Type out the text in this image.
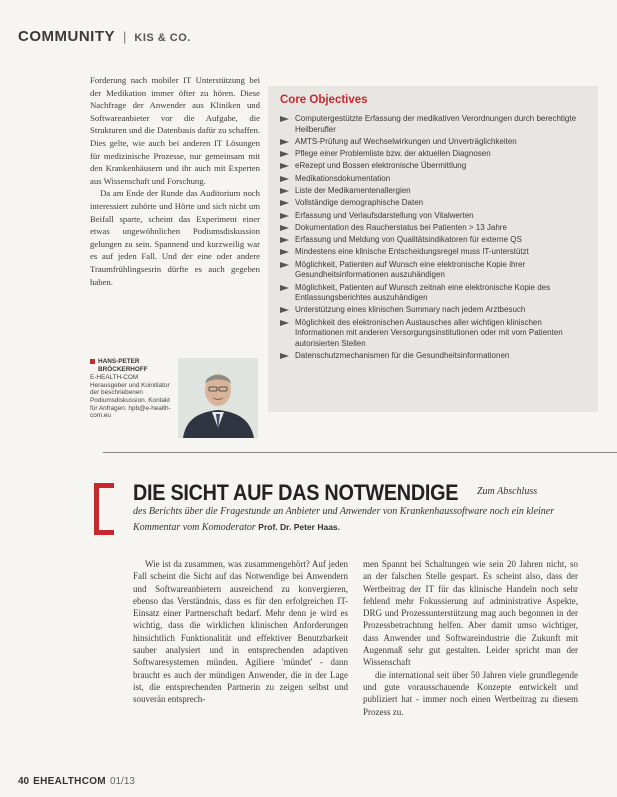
COMMUNITY | KIS & CO.

Forderung nach mobiler IT Unterstützung bei der Medikation immer öfter zu hören. Diese Nachfrage der Anwender aus Kliniken und Softwareanbieter vor die Aufgabe, die Strukturen und die Datenbasis dafür zu schaffen. Dies gelte, wie auch bei anderen IT Lösungen für medizinische Prozesse, nur gemeinsam mit den Krankenhäusern und ihr auch mit Experten aus Wissenschaft und Forschung.

Da am Ende der Runde das Auditorium noch interessiert zuhörte und Hörte und sich nicht um Beifall sparte, scheint das Experiment einer etwas ungewöhnlichen Podiumsdiskussion gelungen zu sein. Spannend und kurzweilig war es auf jeden Fall. Und der eine oder andere Traumfrühlingsesrin dürfte es auch gegeben haben.

HANS-PETER
BRÖCKERHOFF
E-HEALTH-COM Herausgeber und Koinitiator der beschriebenen Podiumsdiskussion. Kontakt für Anfragen: hpb@e-health-com.eu
Core Objectives
Computergestützte Erfassung der medikativen Verordnungen durch berechtigte Heilberufler
AMTS-Prüfung auf Wechselwirkungen und Unverträglichkeiten
Pflege einer Problemliste bzw. der aktuellen Diagnosen
eRezept und Bossen elektronische Übermittlung
Medikationsdokumentation
Liste der Medikamentenallergien
Vollständige demographische Daten
Erfassung und Verlaufsdarstellung von Vitalwerten
Dokumentation des Raucherstatus bei Patienten > 13 Jahre
Erfassung und Meldung von Qualitätsindikatoren für externe QS
Mindestens eine klinische Entscheidungsregel muss IT-unterstützt
Möglichkeit, Patienten auf Wunsch eine elektronische Kopie ihrer Gesundheitsinformationen auszuhändigen
Möglichkeit, Patienten auf Wunsch zeitnah eine elektronische Kopie des Entlassungsberichtes auszuhändigen
Unterstützung eines klinischen Summary nach jedem Arztbesuch
Möglichkeit des elektronischen Austausches aller wichtigen klinischen Informationen mit anderen Versorgungsinstitutionen oder mit vom Patienten autorisierten Stellen
Datenschutzmechanismen für die Gesundheitsinformationen
DIE SICHT AUF DAS NOTWENDIGE	Zum Abschluss
des Berichts über die Fragestunde an Anbieter und Anwender von Krankenhaussoftware noch ein kleiner Kommentar vom Komoderator Prof. Dr. Peter Haas.
Wie ist da zusammen, was zusammengehört? Auf jeden Fall scheint die Sicht auf das Notwendige bei Anwendern und Softwareanbietern ausreichend zu konvergieren, ebenso das Verständnis, dass es für den erfolgreichen IT-Einsatz einer Partnerschaft bedarf. Mehr denn je wird es wichtig, dass die wirklichen klinischen Anforderungen hinsichtlich Funktionalität und effektiver Benutzbarkeit sauber analysiert und in entsprechenden adaptiven Softwaresystemen münden. Agiliere 'mündet' - dann braucht es auch der mündigen Anwender, die in der Lage ist, die entsprechenden Partnerin zu zeigen selbst und souverän entsprech-

men Spannt bei Schaltungen wie sein 20 Jahren nicht, so an der falschen Stelle gespart. Es scheint also, dass der Wertbeitrag der IT für das klinische Handeln noch sehr fehlend mehr Fokussierung auf administrative Aspekte, DRG und Prozessunterstützung mag auch begonnen in der Prozessbetrachtung helfen. Aber damit umso wichtiger, dass Anwender und Softwareindustrie die Zukunft mit Augenmaß sehr gut gestalten. Leider spricht man der Wissenschaft

die international seit über 50 Jahren viele grundlegende und gute vorausschauende Konzepte entwickelt und publiziert hat - immer noch einen Wertbeitrag zu diesem Prozess zu.

40 EHEALTHCOM 01/13
